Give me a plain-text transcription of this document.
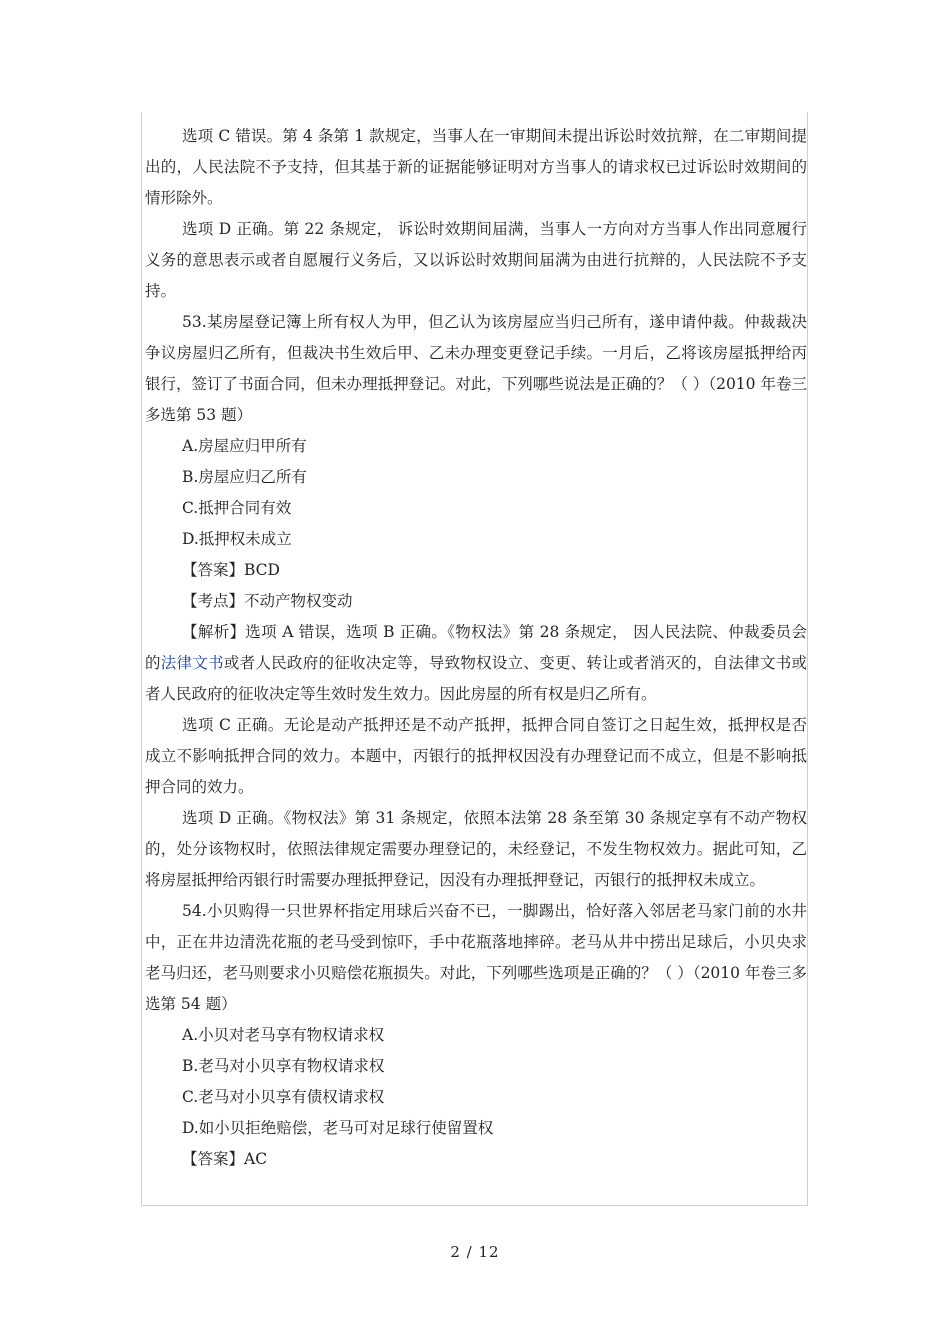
选项 C 错误。第 4 条第 1 款规定，当事人在一审期间未提出诉讼时效抗辩，在二审期间提出的，人民法院不予支持，但其基于新的证据能够证明对方当事人的请求权已过诉讼时效期间的情形除外。

选项 D 正确。第 22 条规定， 诉讼时效期间届满，当事人一方向对方当事人作出同意履行义务的意思表示或者自愿履行义务后，又以诉讼时效期间届满为由进行抗辩的，人民法院不予支持。

53.某房屋登记簿上所有权人为甲，但乙认为该房屋应当归己所有，遂申请仲裁。仲裁裁决争议房屋归乙所有，但裁决书生效后甲、乙未办理变更登记手续。一月后，乙将该房屋抵押给丙银行，签订了书面合同，但未办理抵押登记。对此，下列哪些说法是正确的？（ ）（2010 年卷三多选第 53 题）

A.房屋应归甲所有

B.房屋应归乙所有

C.抵押合同有效

D.抵押权未成立

【答案】BCD

【考点】不动产物权变动

【解析】选项 A 错误，选项 B 正确。《物权法》第 28 条规定， 因人民法院、仲裁委员会的法律文书或者人民政府的征收决定等，导致物权设立、变更、转让或者消灭的，自法律文书或者人民政府的征收决定等生效时发生效力。因此房屋的所有权是归乙所有。

选项 C 正确。无论是动产抵押还是不动产抵押，抵押合同自签订之日起生效，抵押权是否成立不影响抵押合同的效力。本题中，丙银行的抵押权因没有办理登记而不成立，但是不影响抵押合同的效力。

选项 D 正确。《物权法》第 31 条规定，依照本法第 28 条至第 30 条规定享有不动产物权的，处分该物权时，依照法律规定需要办理登记的，未经登记，不发生物权效力。据此可知，乙将房屋抵押给丙银行时需要办理抵押登记，因没有办理抵押登记，丙银行的抵押权未成立。

54.小贝购得一只世界杯指定用球后兴奋不已，一脚踢出，恰好落入邻居老马家门前的水井中，正在井边清洗花瓶的老马受到惊吓，手中花瓶落地摔碎。老马从井中捞出足球后，小贝央求老马归还，老马则要求小贝赔偿花瓶损失。对此，下列哪些选项是正确的？（ ）（2010 年卷三多选第 54 题）

A.小贝对老马享有物权请求权

B.老马对小贝享有物权请求权

C.老马对小贝享有债权请求权

D.如小贝拒绝赔偿，老马可对足球行使留置权

【答案】AC

2 / 12
